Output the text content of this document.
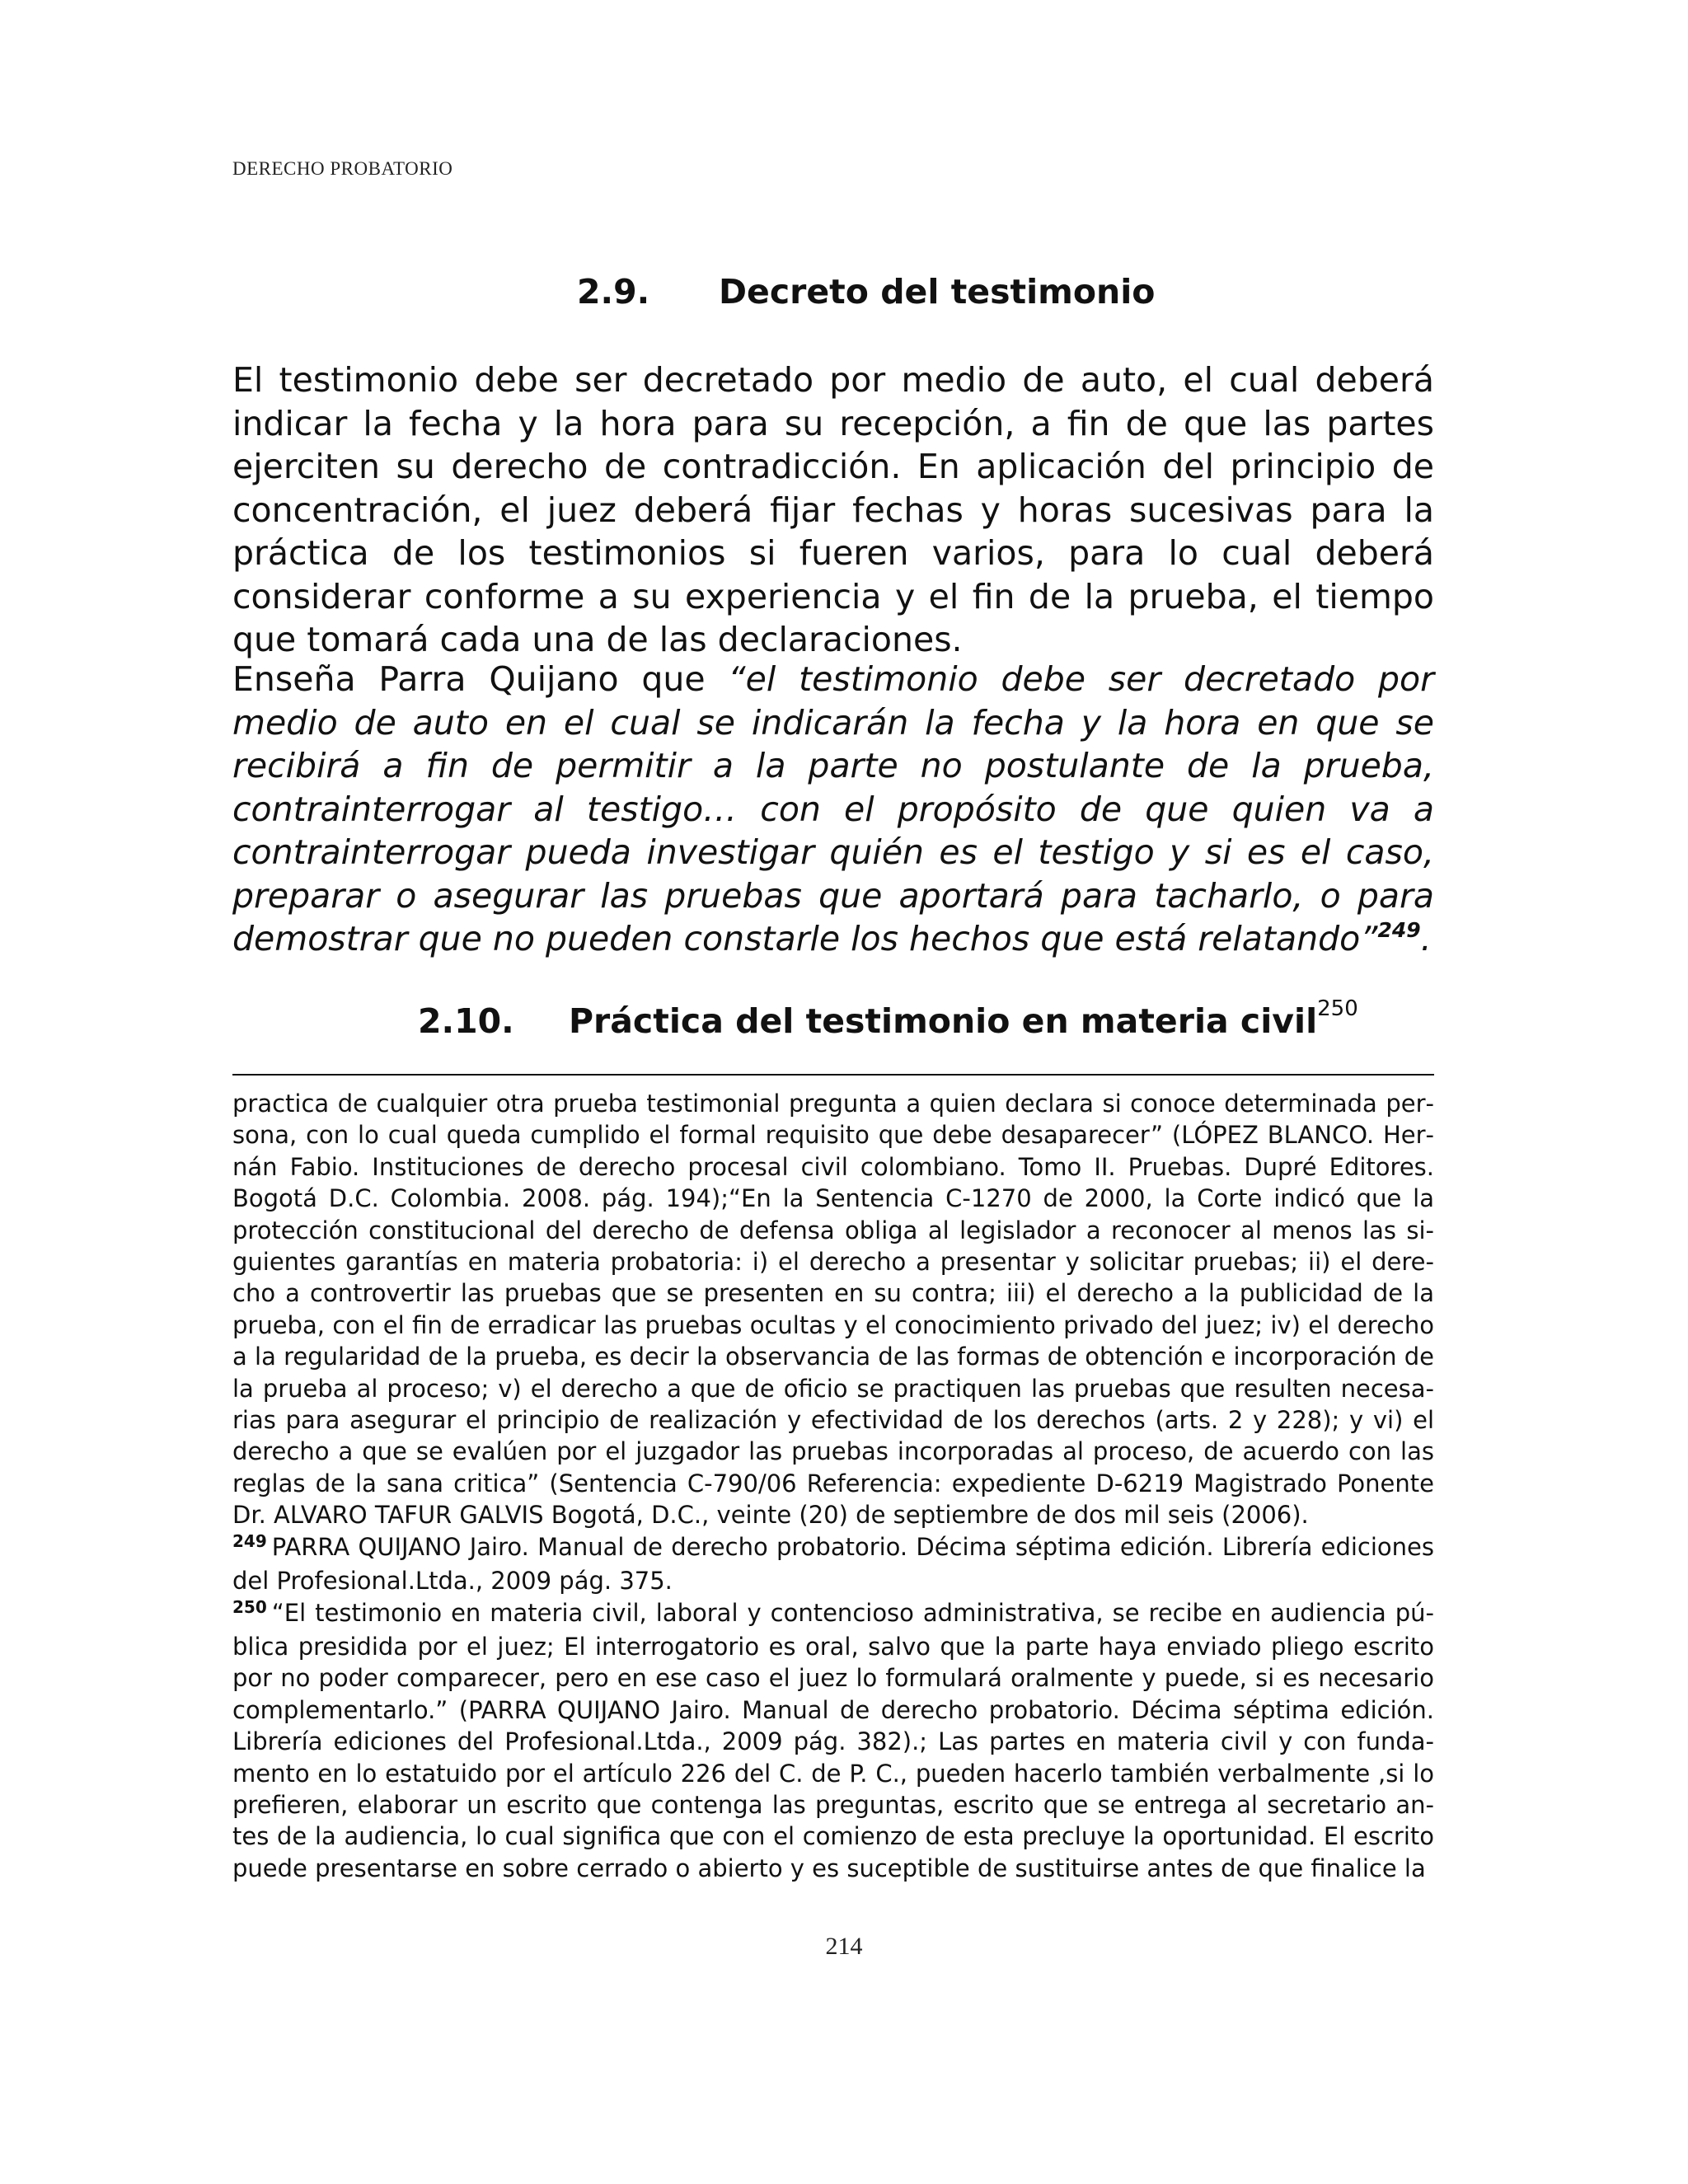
DERECHO PROBATORIO
2.9. Decreto del testimonio

El testimonio debe ser decretado por medio de auto, el cual deberá indicar la fecha y la hora para su recepción, a fin de que las partes ejerciten su derecho de contradicción. En aplicación del principio de concentración, el juez deberá fijar fechas y horas sucesivas para la práctica de los testimonios si fueren varios, para lo cual deberá considerar conforme a su experiencia y el fin de la prueba, el tiempo que tomará cada una de las declaraciones.

Enseña Parra Quijano que “el testimonio debe ser decretado por medio de auto en el cual se indicarán la fecha y la hora en que se recibirá a fin de permitir a la parte no postulante de la prueba, contrainterrogar al testigo… con el propósito de que quien va a contrainterrogar pueda investigar quién es el testigo y si es el caso, preparar o asegurar las pruebas que aportará para tacharlo, o para demostrar que no pueden constarle los hechos que está relatando”$^{249}$.

2.10. Práctica del testimonio en materia civil$^{250}$

practica de cualquier otra prueba testimonial pregunta a quien declara si conoce determinada persona, con lo cual queda cumplido el formal requisito que debe desaparecer” (LÓPEZ BLANCO. Hernán Fabio. Instituciones de derecho procesal civil colombiano. Tomo II. Pruebas. Dupré Editores. Bogotá D.C. Colombia. 2008. pág. 194);“En la Sentencia C-1270 de 2000, la Corte indicó que la protección constitucional del derecho de defensa obliga al legislador a reconocer al menos las siguientes garantías en materia probatoria: i) el derecho a presentar y solicitar pruebas; ii) el derecho a controvertir las pruebas que se presenten en su contra; iii) el derecho a la publicidad de la prueba, con el fin de erradicar las pruebas ocultas y el conocimiento privado del juez; iv) el derecho a la regularidad de la prueba, es decir la observancia de las formas de obtención e incorporación de la prueba al proceso; v) el derecho a que de oficio se practiquen las pruebas que resulten necesarias para asegurar el principio de realización y efectividad de los derechos (arts. 2 y 228); y vi) el derecho a que se evalúen por el juzgador las pruebas incorporadas al proceso, de acuerdo con las reglas de la sana critica” (Sentencia C-790/06 Referencia: expediente D-6219 Magistrado Ponente Dr. ALVARO TAFUR GALVIS Bogotá, D.C., veinte (20) de septiembre de dos mil seis (2006).

$^{249}$ PARRA QUIJANO Jairo. Manual de derecho probatorio. Décima séptima edición. Librería ediciones del Profesional.Ltda., 2009 pág. 375.

$^{250}$ “El testimonio en materia civil, laboral y contencioso administrativa, se recibe en audiencia pública presidida por el juez; El interrogatorio es oral, salvo que la parte haya enviado pliego escrito por no poder comparecer, pero en ese caso el juez lo formulará oralmente y puede, si es necesario complementarlo.” (PARRA QUIJANO Jairo. Manual de derecho probatorio. Décima séptima edición. Librería ediciones del Profesional.Ltda., 2009 pág. 382).; Las partes en materia civil y con fundamento en lo estatuido por el artículo 226 del C. de P. C., pueden hacerlo también verbalmente ,si lo prefieren, elaborar un escrito que contenga las preguntas, escrito que se entrega al secretario antes de la audiencia, lo cual significa que con el comienzo de esta precluye la oportunidad. El escrito puede presentarse en sobre cerrado o abierto y es suceptible de sustituirse antes de que finalice la

214
